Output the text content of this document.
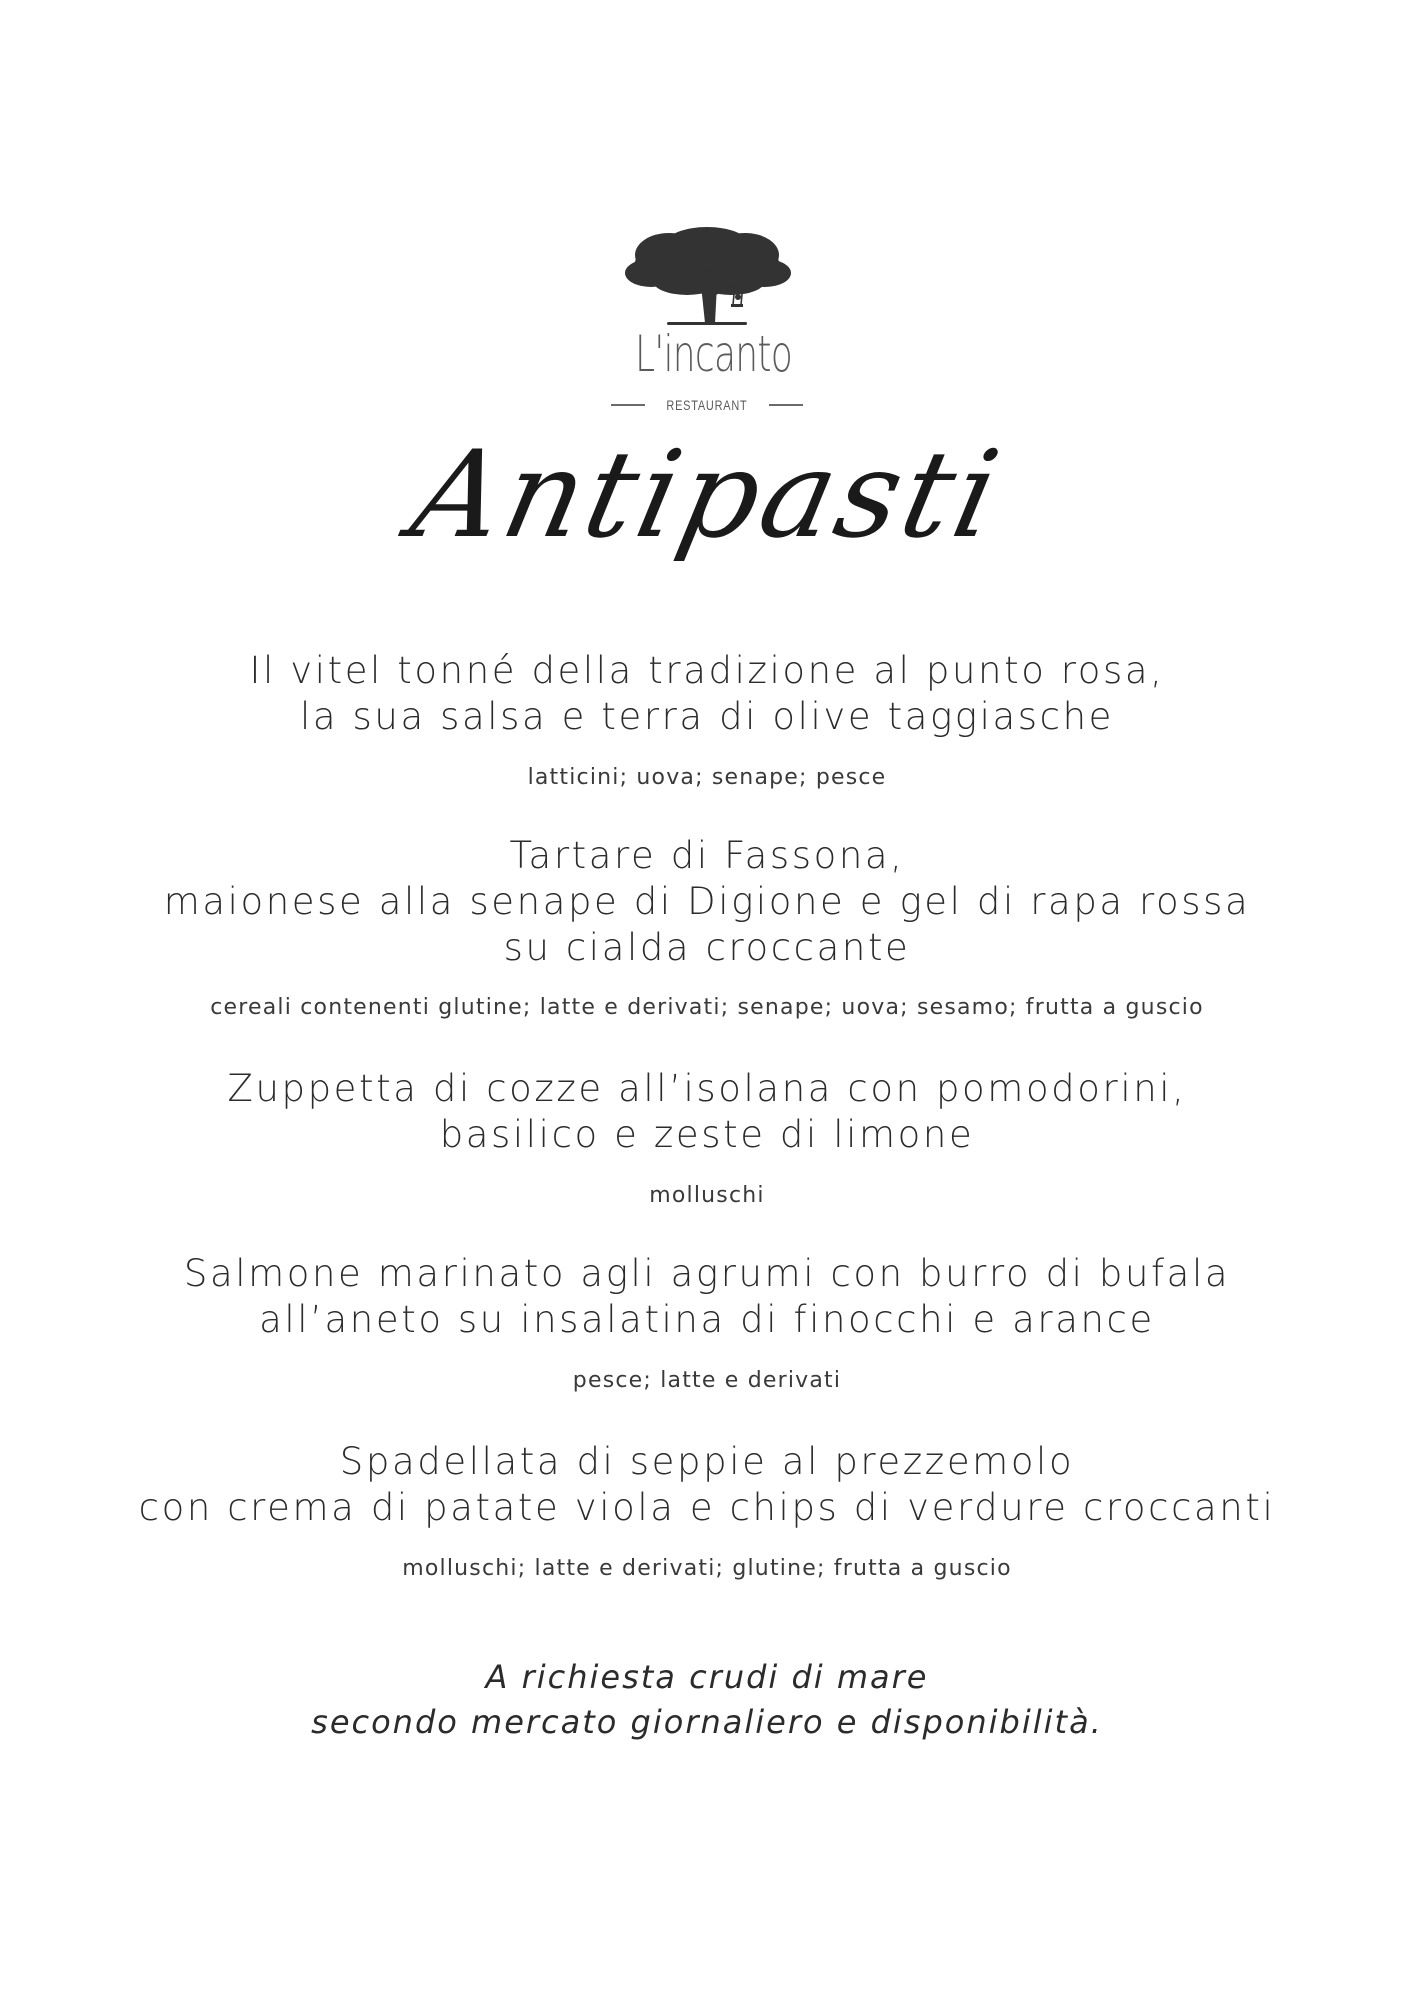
L'incanto
RESTAURANT
Antipasti

Il vitel tonné della tradizione al punto rosa,
la sua salsa e terra di olive taggiasche

latticini; uova; senape; pesce

Tartare di Fassona,
maionese alla senape di Digione e gel di rapa rossa
su cialda croccante

cereali contenenti glutine; latte e derivati; senape; uova; sesamo; frutta a guscio

Zuppetta di cozze all’isolana con pomodorini,
basilico e zeste di limone

molluschi

Salmone marinato agli agrumi con burro di bufala
all’aneto su insalatina di finocchi e arance

pesce; latte e derivati

Spadellata di seppie al prezzemolo
con crema di patate viola e chips di verdure croccanti

molluschi; latte e derivati; glutine; frutta a guscio

A richiesta crudi di mare
secondo mercato giornaliero e disponibilità.
